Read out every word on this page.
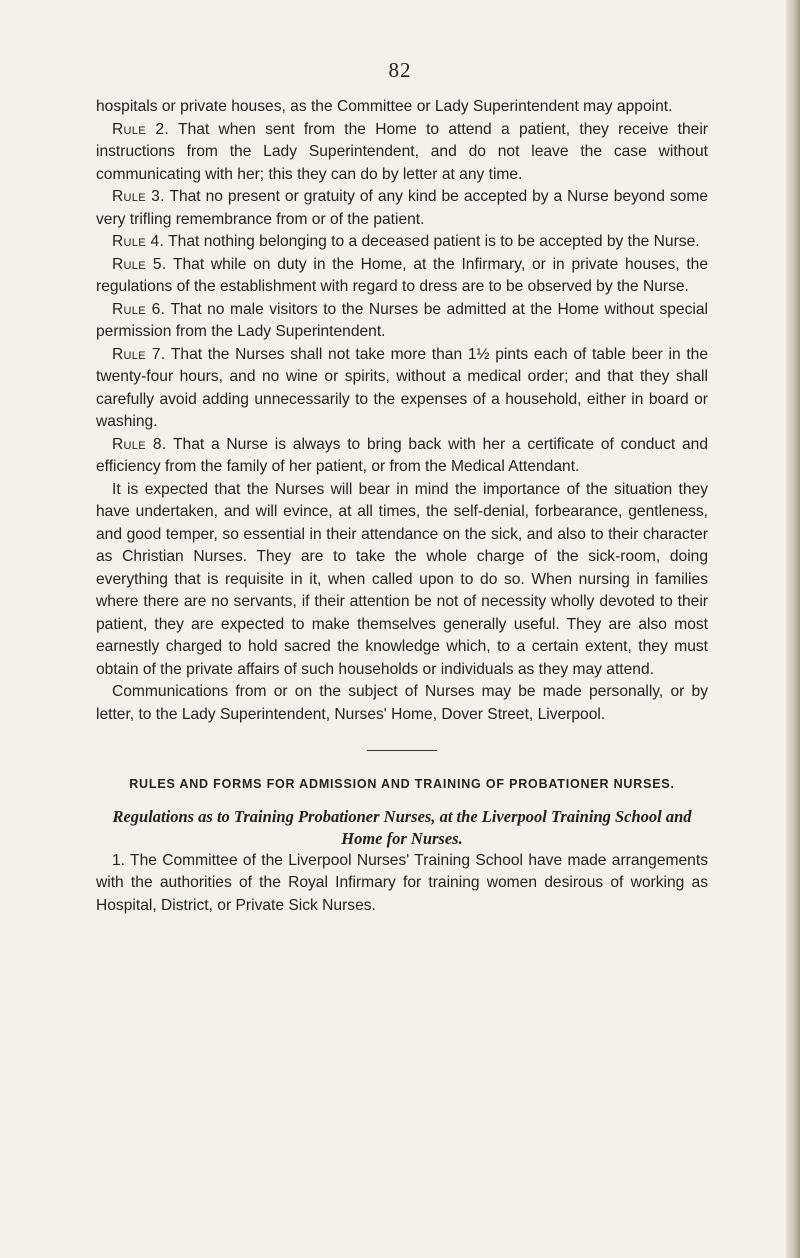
82

hospitals or private houses, as the Committee or Lady Superintendent may appoint.

Rule 2. That when sent from the Home to attend a patient, they receive their instructions from the Lady Superintendent, and do not leave the case without communicating with her; this they can do by letter at any time.

Rule 3. That no present or gratuity of any kind be accepted by a Nurse beyond some very trifling remembrance from or of the patient.

Rule 4. That nothing belonging to a deceased patient is to be accepted by the Nurse.

Rule 5. That while on duty in the Home, at the Infirmary, or in private houses, the regulations of the establishment with regard to dress are to be observed by the Nurse.

Rule 6. That no male visitors to the Nurses be admitted at the Home without special permission from the Lady Superintendent.

Rule 7. That the Nurses shall not take more than 1½ pints each of table beer in the twenty-four hours, and no wine or spirits, without a medical order; and that they shall carefully avoid adding unnecessarily to the expenses of a household, either in board or washing.

Rule 8. That a Nurse is always to bring back with her a certificate of conduct and efficiency from the family of her patient, or from the Medical Attendant.

It is expected that the Nurses will bear in mind the importance of the situation they have undertaken, and will evince, at all times, the self-denial, forbearance, gentleness, and good temper, so essential in their attendance on the sick, and also to their character as Christian Nurses. They are to take the whole charge of the sick-room, doing everything that is requisite in it, when called upon to do so. When nursing in families where there are no servants, if their attention be not of necessity wholly devoted to their patient, they are expected to make themselves generally useful. They are also most earnestly charged to hold sacred the knowledge which, to a certain extent, they must obtain of the private affairs of such households or individuals as they may attend.

Communications from or on the subject of Nurses may be made personally, or by letter, to the Lady Superintendent, Nurses' Home, Dover Street, Liverpool.

RULES AND FORMS FOR ADMISSION AND TRAINING OF PROBATIONER NURSES.
Regulations as to Training Probationer Nurses, at the Liverpool Training School and Home for Nurses.

1. The Committee of the Liverpool Nurses' Training School have made arrangements with the authorities of the Royal Infirmary for training women desirous of working as Hospital, District, or Private Sick Nurses.
